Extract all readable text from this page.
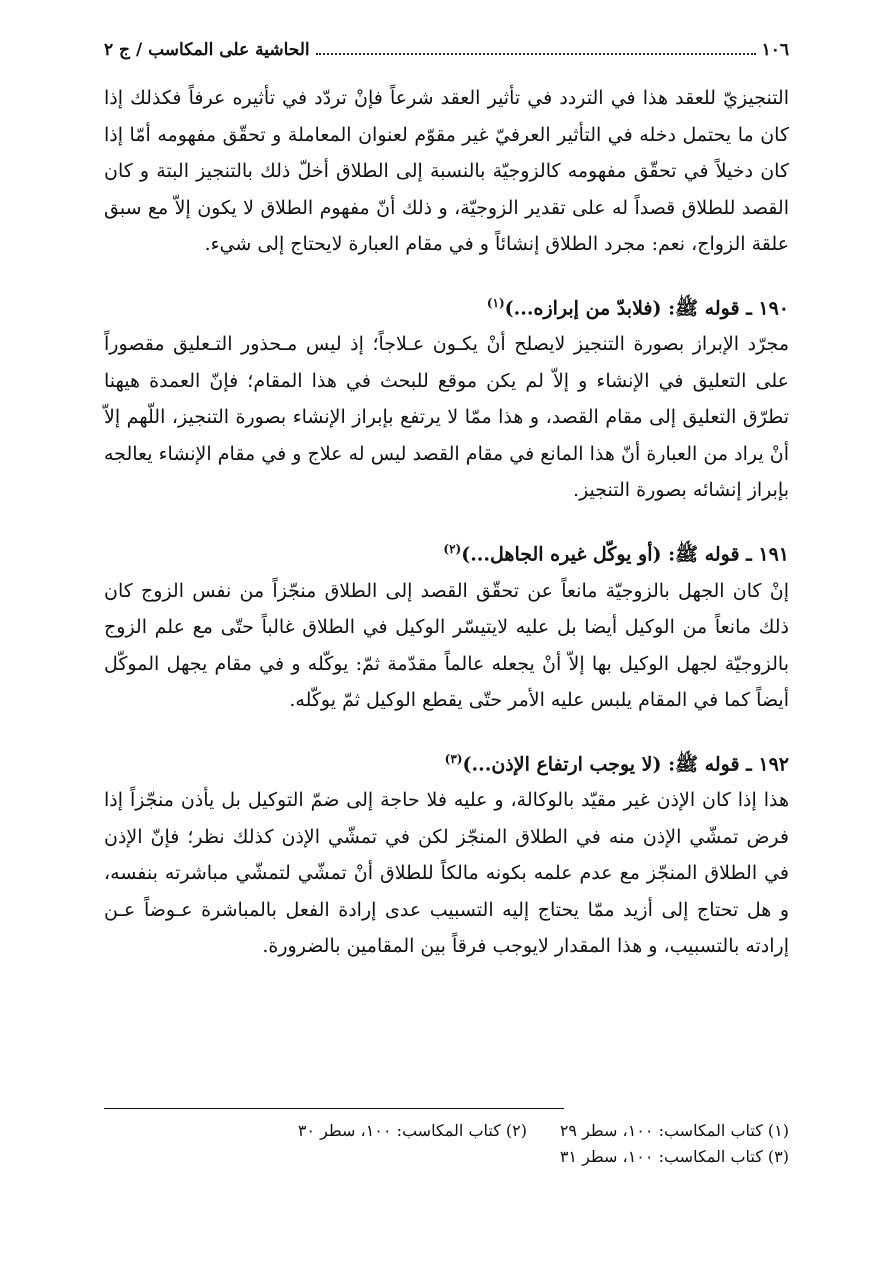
١٠٦
الحاشية على المكاسب / ج ٢

التنجيزيّ للعقد هذا في التردد في تأثير العقد شرعاً فإنْ تردّد في تأثيره عرفاً فكذلك إذا كان ما يحتمل دخله في التأثير العرفيّ غير مقوّم لعنوان المعاملة و تحقّق مفهومه أمّا إذا كان دخيلاً في تحقّق مفهومه كالزوجيّة بالنسبة إلى الطلاق أخلّ ذلك بالتنجيز البتة و كان القصد للطلاق قصداً له على تقدير الزوجيّة، و ذلك أنّ مفهوم الطلاق لا يكون إلاّ مع سبق علقة الزواج، نعم: مجرد الطلاق إنشائاً و في مقام العبارة لايحتاج إلى شيء.

١٩٠ ـ قوله ﷺ: (فلابدّ من إبرازه...)$^{(١)}$

مجرّد الإبراز بصورة التنجيز لايصلح أنْ يكـون عـلاجاً؛ إذ ليس مـحذور التـعليق مقصوراً على التعليق في الإنشاء و إلاّ لم يكن موقع للبحث في هذا المقام؛ فإنّ العمدة هيهنا تطرّق التعليق إلى مقام القصد، و هذا ممّا لا يرتفع بإبراز الإنشاء بصورة التنجيز، اللّهم إلاّ أنْ يراد من العبارة أنّ هذا المانع في مقام القصد ليس له علاج و في مقام الإنشاء يعالجه بإبراز إنشائه بصورة التنجيز.

١٩١ ـ قوله ﷺ: (أو يوكّل غيره الجاهل...)$^{(٢)}$

إنْ كان الجهل بالزوجيّة مانعاً عن تحقّق القصد إلى الطلاق منجّزاً من نفس الزوج كان ذلك مانعاً من الوكيل أيضا بل عليه لايتيسّر الوكيل في الطلاق غالباً حتّى مع علم الزوج بالزوجيّة لجهل الوكيل بها إلاّ أنْ يجعله عالماً مقدّمة ثمّ: يوكّله و في مقام يجهل الموكّل أيضاً كما في المقام يلبس عليه الأمر حتّى يقطع الوكيل ثمّ يوكّله.

١٩٢ ـ قوله ﷺ: (لا يوجب ارتفاع الإذن...)$^{(٣)}$

هذا إذا كان الإذن غير مقيّد بالوكالة، و عليه فلا حاجة إلى ضمّ التوكيل بل يأذن منجّزاً إذا فرض تمشّي الإذن منه في الطلاق المنجّز لكن في تمشّي الإذن كذلك نظر؛ فإنّ الإذن في الطلاق المنجّز مع عدم علمه بكونه مالكاً للطلاق أنْ تمشّي لتمشّي مباشرته بنفسه، و هل تحتاج إلى أزيد ممّا يحتاج إليه التسبيب عدى إرادة الفعل بالمباشرة عـوضاً عـن إرادته بالتسبيب، و هذا المقدار لايوجب فرقاً بين المقامين بالضرورة.

(١) كتاب المكاسب: ١٠٠، سطر ٢٩
(٢) كتاب المكاسب: ١٠٠، سطر ٣٠
(٣) كتاب المكاسب: ١٠٠، سطر ٣١
